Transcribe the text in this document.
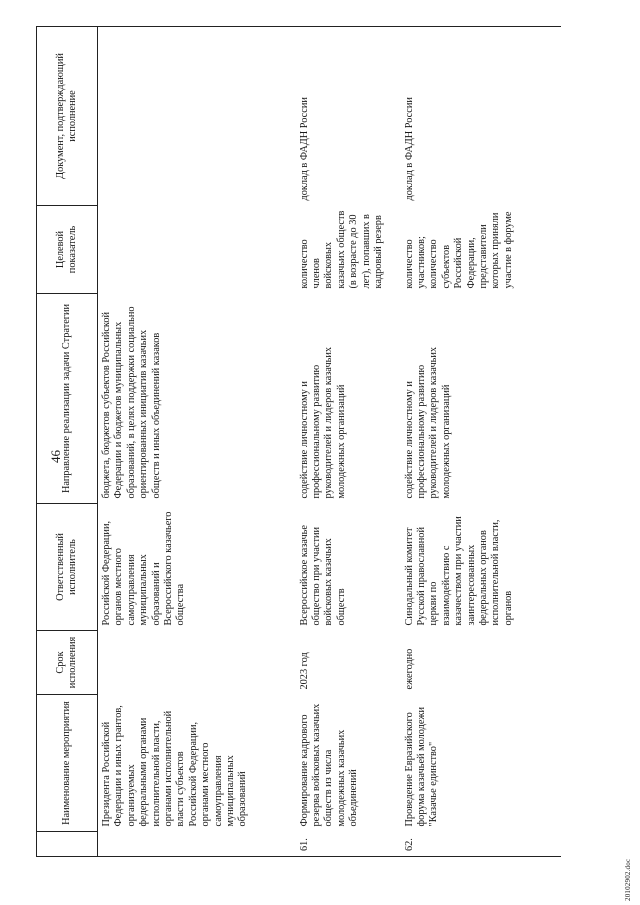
46
	Наименование мероприятия	Срок исполнения	Ответственный исполнитель	Направление реализации задачи Стратегии	Целевой показатель	Документ, подтверждающий исполнение
	Президента Российской Федерации и иных грантов, организуемых федеральными органами исполнительной власти, органами исполнительной власти субъектов Российской Федерации, органами местного самоуправления муниципальных образований		Российской Федерации, органов местного самоуправления муниципальных образований и Всероссийского казачьего общества	бюджета, бюджетов субъектов Российской Федерации и бюджетов муниципальных образований, в целях поддержки социально ориентированных инициатив казачьих обществ и иных объединений казаков		
61.	Формирование кадрового резерва войсковых казачьих обществ из числа молодежных казачьих объединений	2023 год	Всероссийское казачье общество при участии войсковых казачьих обществ	содействие личностному и профессиональному развитию руководителей и лидеров казачьих молодежных организаций	количество членов войсковых казачьих обществ (в возрасте до 30 лет), попавших в кадровый резерв	доклад в ФАДН России
62.	Проведение Евразийского форума казачьей молодежи "Казачье единство"	ежегодно	Синодальный комитет Русской православной церкви по взаимодействию с казачеством при участии заинтересованных федеральных органов исполнительной власти, органов	содействие личностному и профессиональному развитию руководителей и лидеров казачьих молодежных организаций	количество участников; количество субъектов Российской Федерации, представители которых приняли участие в форуме	доклад в ФАДН России
20102902.doc
